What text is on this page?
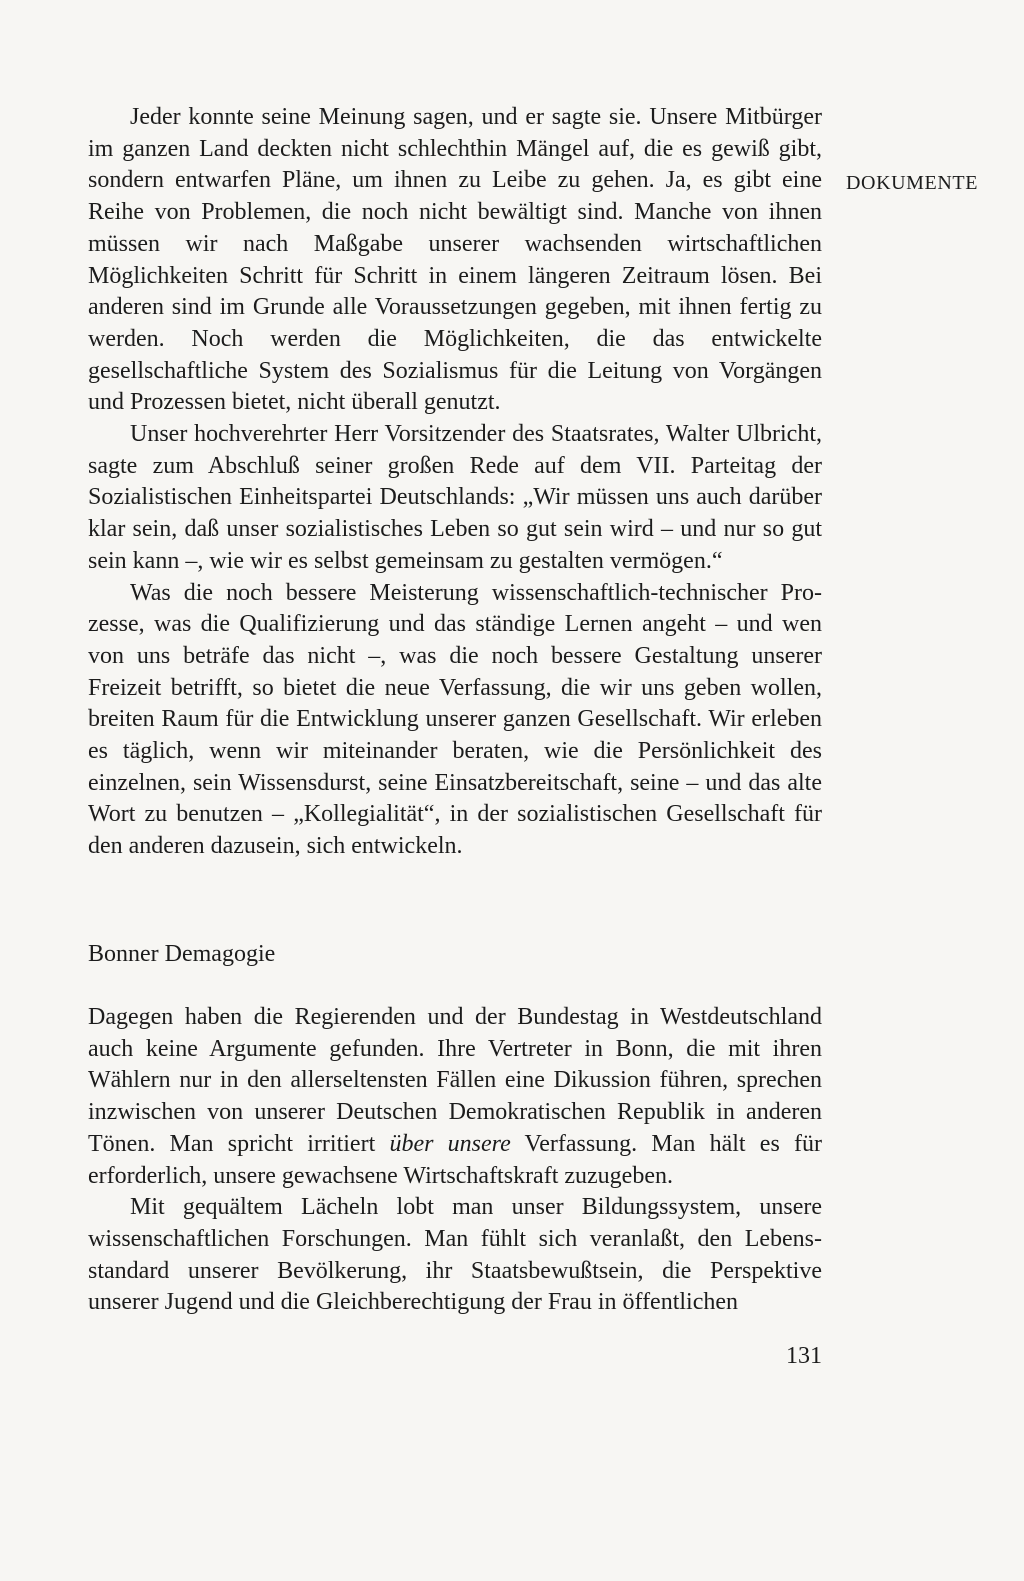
DOKUMENTE

Jeder konnte seine Meinung sagen, und er sagte sie. Unsere Mitbürger im ganzen Land deckten nicht schlechthin Mängel auf, die es gewiß gibt, sondern entwarfen Pläne, um ihnen zu Leibe zu gehen. Ja, es gibt eine Reihe von Problemen, die noch nicht bewältigt sind. Manche von ihnen müssen wir nach Maßgabe unserer wachsenden wirtschaftlichen Möglichkeiten Schritt für Schritt in einem längeren Zeitraum lösen. Bei anderen sind im Grunde alle Voraussetzungen gegeben, mit ihnen fertig zu werden. Noch werden die Möglichkeiten, die das entwickelte gesellschaftliche System des Sozialismus für die Leitung von Vorgängen und Prozessen bietet, nicht überall genutzt.

Unser hochverehrter Herr Vorsitzender des Staatsrates, Walter Ulbricht, sagte zum Abschluß seiner großen Rede auf dem VII. Parteitag der Sozialistischen Einheitspartei Deutschlands: „Wir müssen uns auch darüber klar sein, daß unser sozialistisches Leben so gut sein wird – und nur so gut sein kann –, wie wir es selbst gemeinsam zu gestalten vermögen.“

Was die noch bessere Meisterung wissenschaftlich-technischer Prozesse, was die Qualifizierung und das ständige Lernen angeht – und wen von uns beträfe das nicht –, was die noch bessere Gestaltung unserer Freizeit betrifft, so bietet die neue Verfassung, die wir uns geben wollen, breiten Raum für die Entwicklung unserer ganzen Gesellschaft. Wir erleben es täglich, wenn wir miteinander beraten, wie die Persönlichkeit des einzelnen, sein Wissensdurst, seine Einsatzbereitschaft, seine – und das alte Wort zu benutzen – „Kollegialität“, in der sozialistischen Gesellschaft für den anderen dazusein, sich entwickeln.

Bonner Demagogie

Dagegen haben die Regierenden und der Bundestag in Westdeutschland auch keine Argumente gefunden. Ihre Vertreter in Bonn, die mit ihren Wählern nur in den allerseltensten Fällen eine Dikussion führen, sprechen inzwischen von unserer Deutschen Demokratischen Republik in anderen Tönen. Man spricht irritiert über unsere Verfassung. Man hält es für erforderlich, unsere gewachsene Wirtschaftskraft zuzugeben.

Mit gequältem Lächeln lobt man unser Bildungssystem, unsere wissenschaftlichen Forschungen. Man fühlt sich veranlaßt, den Lebensstandard unserer Bevölkerung, ihr Staatsbewußtsein, die Perspektive unserer Jugend und die Gleichberechtigung der Frau in öffentlichen

131
